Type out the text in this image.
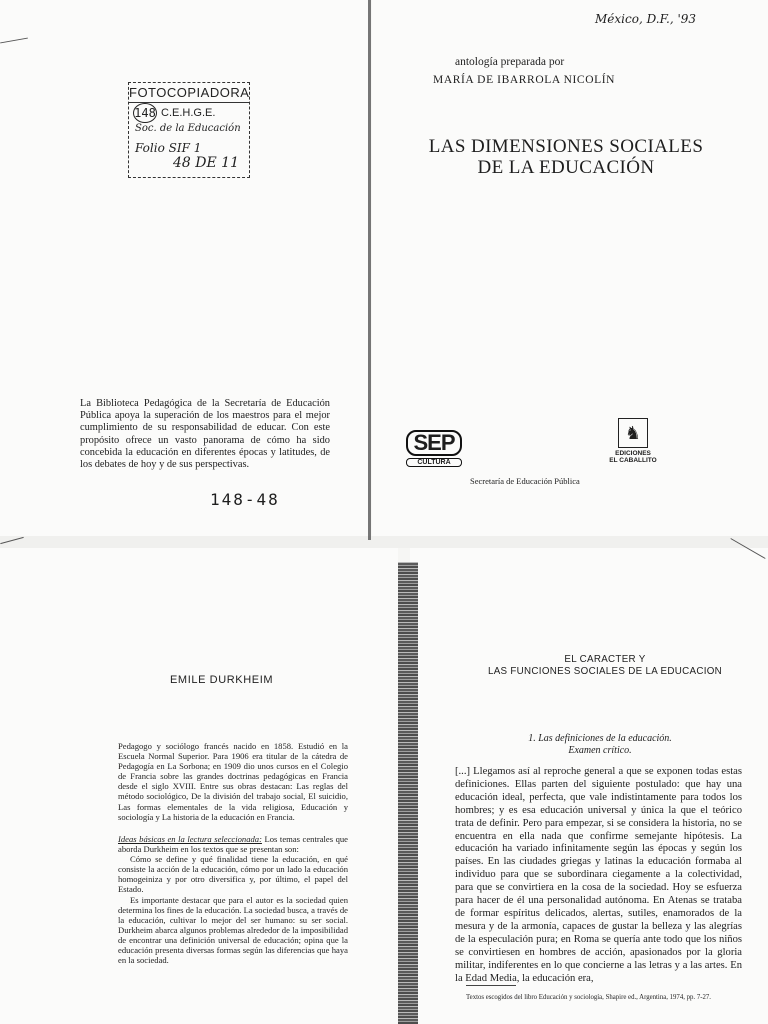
FOTOCOPIADORA
148 C.E.H.G.E.
Soc. de la Educación
Folio SIF 1
48 DE 11
La Biblioteca Pedagógica de la Secretaría de Educación Pública apoya la superación de los maestros para el mejor cumplimiento de su responsabilidad de educar. Con este propósito ofrece un vasto panorama de cómo ha sido concebida la educación en diferentes épocas y latitudes, de los debates de hoy y de sus perspectivas.
148-48
México, D.F., '93
antología preparada por
MARÍA DE IBARROLA NICOLÍN
LAS DIMENSIONES SOCIALES
DE LA EDUCACIÓN
SEP
CULTURA
♞
EDICIONES
EL CABALLITO
Secretaría de Educación Pública
EMILE DURKHEIM
Pedagogo y sociólogo francés nacido en 1858. Estudió en la Escuela Normal Superior. Para 1906 era titular de la cátedra de Pedagogía en La Sorbona; en 1909 dio unos cursos en el Colegio de Francia sobre las grandes doctrinas pedagógicas en Francia desde el siglo XVIII. Entre sus obras destacan: Las reglas del método sociológico, De la división del trabajo social, El suicidio, Las formas elementales de la vida religiosa, Educación y sociología y La historia de la educación en Francia.

Ideas básicas en la lectura seleccionada: Los temas centrales que aborda Durkheim en los textos que se presentan son:

Cómo se define y qué finalidad tiene la educación, en qué consiste la acción de la educación, cómo por un lado la educación homogeiniza y por otro diversifica y, por último, el papel del Estado.

Es importante destacar que para el autor es la sociedad quien determina los fines de la educación. La sociedad busca, a través de la educación, cultivar lo mejor del ser humano: su ser social. Durkheim abarca algunos problemas alrededor de la imposibilidad de encontrar una definición universal de educación; opina que la educación presenta diversas formas según las diferencias que haya en la sociedad.

EL CARACTER Y
LAS FUNCIONES SOCIALES DE LA EDUCACION
1. Las definiciones de la educación.
Examen crítico.
[...] Llegamos así al reproche general a que se exponen todas estas definiciones. Ellas parten del siguiente postulado: que hay una educación ideal, perfecta, que vale indistintamente para todos los hombres; y es esa educación universal y única la que el teórico trata de definir. Pero para empezar, si se considera la historia, no se encuentra en ella nada que confirme semejante hipótesis. La educación ha variado infinitamente según las épocas y según los países. En las ciudades griegas y latinas la educación formaba al individuo para que se subordinara ciegamente a la colectividad, para que se convirtiera en la cosa de la sociedad. Hoy se esfuerza para hacer de él una personalidad autónoma. En Atenas se trataba de formar espíritus delicados, alertas, sutiles, enamorados de la mesura y de la armonía, capaces de gustar la belleza y las alegrías de la especulación pura; en Roma se quería ante todo que los niños se convirtiesen en hombres de acción, apasionados por la gloria militar, indiferentes en lo que concierne a las letras y a las artes. En la Edad Media, la educación era,
Textos escogidos del libro Educación y sociología, Shapire ed., Argentina, 1974, pp. 7-27.
